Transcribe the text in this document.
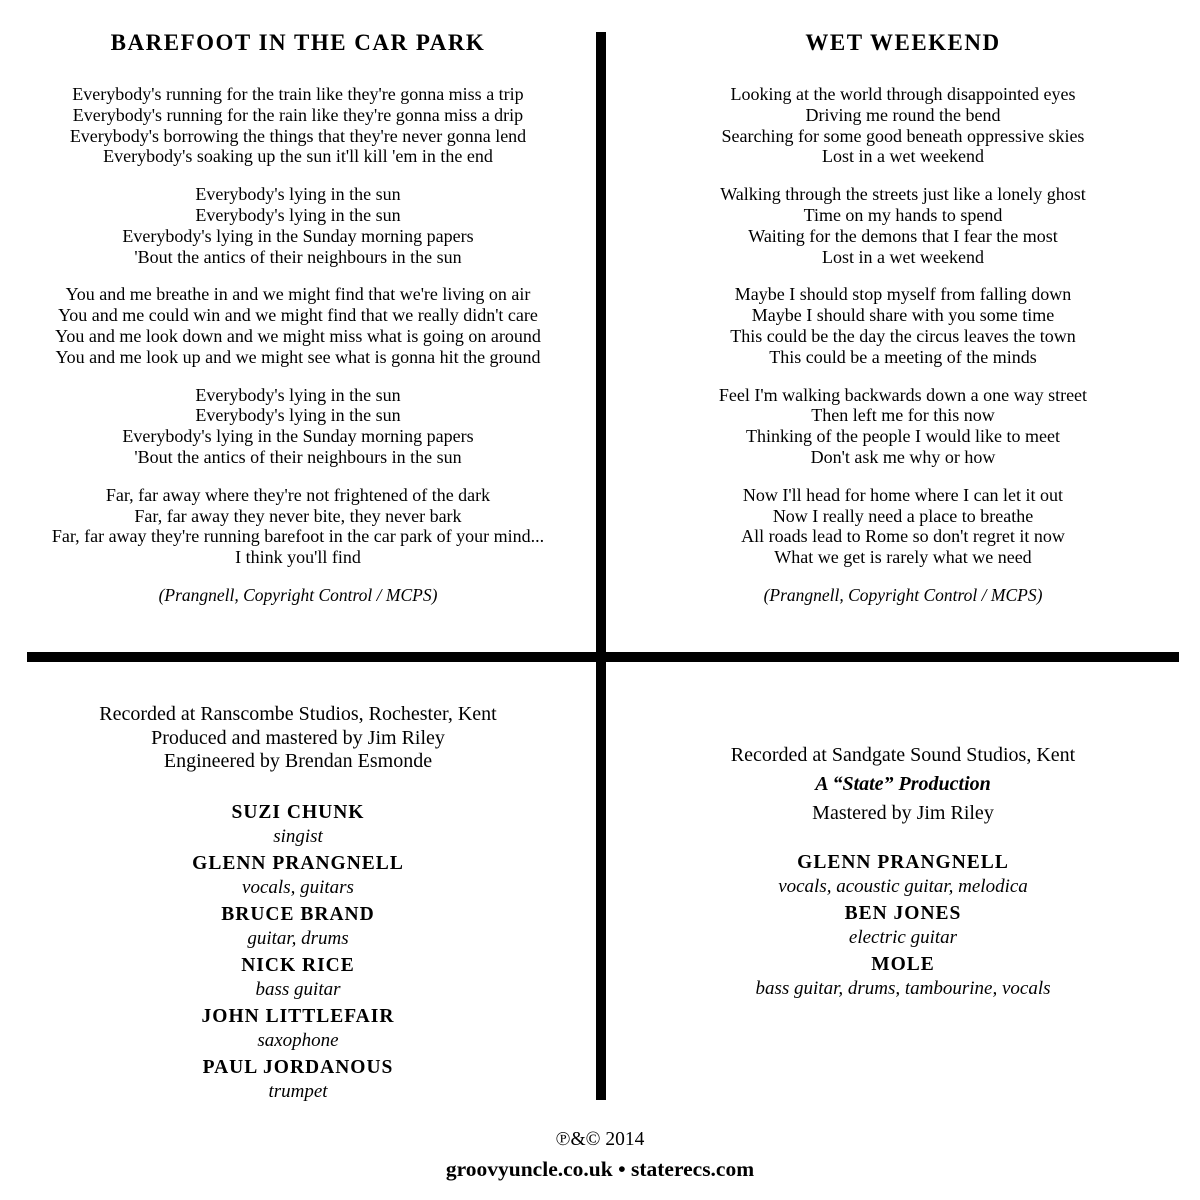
BAREFOOT IN THE CAR PARK

Everybody's running for the train like they're gonna miss a trip

Everybody's running for the rain like they're gonna miss a drip

Everybody's borrowing the things that they're never gonna lend

Everybody's soaking up the sun it'll kill 'em in the end

Everybody's lying in the sun

Everybody's lying in the sun

Everybody's lying in the Sunday morning papers

'Bout the antics of their neighbours in the sun

You and me breathe in and we might find that we're living on air

You and me could win and we might find that we really didn't care

You and me look down and we might miss what is going on around

You and me look up and we might see what is gonna hit the ground

Everybody's lying in the sun

Everybody's lying in the sun

Everybody's lying in the Sunday morning papers

'Bout the antics of their neighbours in the sun

Far, far away where they're not frightened of the dark

Far, far away they never bite, they never bark

Far, far away they're running barefoot in the car park of your mind...

I think you'll find

(Prangnell, Copyright Control / MCPS)

WET WEEKEND

Looking at the world through disappointed eyes

Driving me round the bend

Searching for some good beneath oppressive skies

Lost in a wet weekend

Walking through the streets just like a lonely ghost

Time on my hands to spend

Waiting for the demons that I fear the most

Lost in a wet weekend

Maybe I should stop myself from falling down

Maybe I should share with you some time

This could be the day the circus leaves the town

This could be a meeting of the minds

Feel I'm walking backwards down a one way street

Then left me for this now

Thinking of the people I would like to meet

Don't ask me why or how

Now I'll head for home where I can let it out

Now I really need a place to breathe

All roads lead to Rome so don't regret it now

What we get is rarely what we need

(Prangnell, Copyright Control / MCPS)

Recorded at Ranscombe Studios, Rochester, Kent

Produced and mastered by Jim Riley

Engineered by Brendan Esmonde

SUZI CHUNK

singist

GLENN PRANGNELL

vocals, guitars

BRUCE BRAND

guitar, drums

NICK RICE

bass guitar

JOHN LITTLEFAIR

saxophone

PAUL JORDANOUS

trumpet

Recorded at Sandgate Sound Studios, Kent

A “State” Production

Mastered by Jim Riley

GLENN PRANGNELL

vocals, acoustic guitar, melodica

BEN JONES

electric guitar

MOLE

bass guitar, drums, tambourine, vocals

℗&© 2014

groovyuncle.co.uk • staterecs.com
